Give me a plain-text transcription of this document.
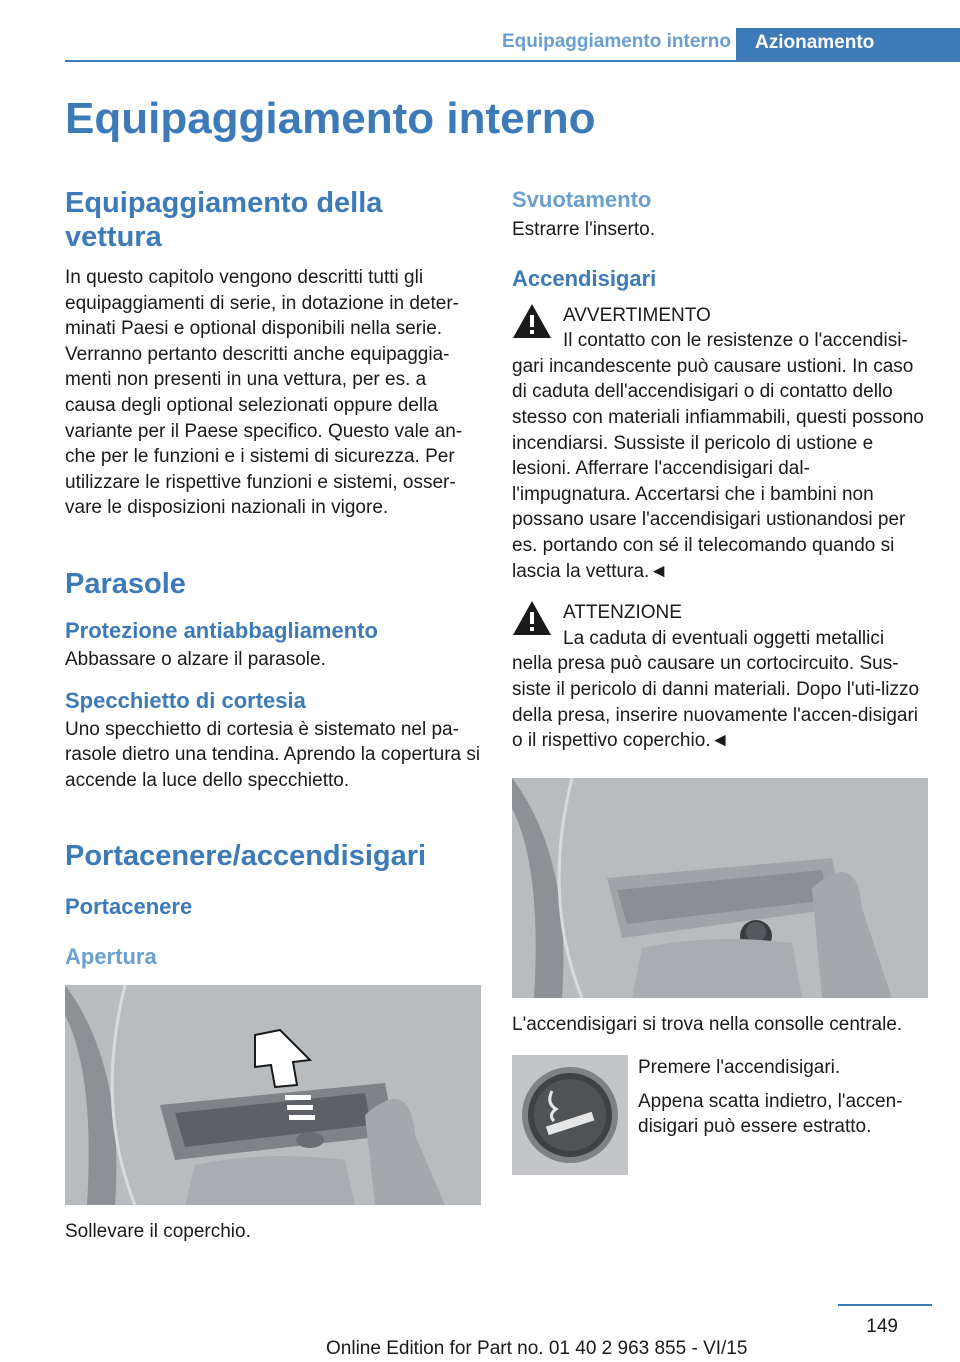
Equipaggiamento interno	Azionamento
Equipaggiamento interno
Equipaggiamento della vettura
In questo capitolo vengono descritti tutti gli equipaggiamenti di serie, in dotazione in deter-minati Paesi e optional disponibili nella serie. Verranno pertanto descritti anche equipaggia-menti non presenti in una vettura, per es. a causa degli optional selezionati oppure della variante per il Paese specifico. Questo vale an-che per le funzioni e i sistemi di sicurezza. Per utilizzare le rispettive funzioni e sistemi, osser-vare le disposizioni nazionali in vigore.
Parasole
Protezione antiabbagliamento
Abbassare o alzare il parasole.
Specchietto di cortesia
Uno specchietto di cortesia è sistemato nel pa-rasole dietro una tendina. Aprendo la copertura si accende la luce dello specchietto.
Portacenere/accendisigari
Portacenere
Apertura
Sollevare il coperchio.
Svuotamento
Estrarre l'inserto.
Accendisigari
AVVERTIMENTO
Il contatto con le resistenze o l'accendisi-
gari incandescente può causare ustioni. In caso di caduta dell'accendisigari o di contatto dello stesso con materiali infiammabili, questi possono incendiarsi. Sussiste il pericolo di ustione e lesioni. Afferrare l'accendisigari dal-l'impugnatura. Accertarsi che i bambini non possano usare l'accendisigari ustionandosi per es. portando con sé il telecomando quando si lascia la vettura.◄
ATTENZIONE
La caduta di eventuali oggetti metallici
nella presa può causare un cortocircuito. Sus-siste il pericolo di danni materiali. Dopo l'uti-lizzo della presa, inserire nuovamente l'accen-disigari o il rispettivo coperchio.◄
L'accendisigari si trova nella consolle centrale.
Premere l'accendisigari.
Appena scatta indietro, l'accen-disigari può essere estratto.
149
Online Edition for Part no. 01 40 2 963 855 - VI/15
